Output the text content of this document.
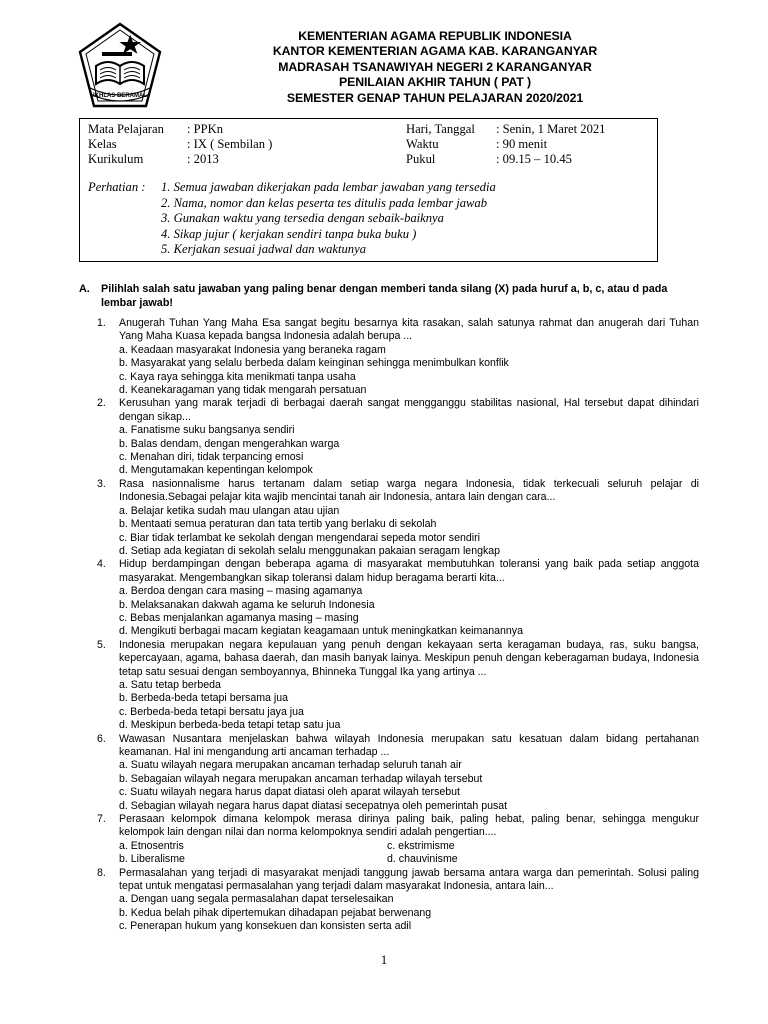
IKHLAS BERAMAL
KEMENTERIAN AGAMA REPUBLIK INDONESIA
KANTOR KEMENTERIAN AGAMA KAB. KARANGANYAR
MADRASAH TSANAWIYAH NEGERI 2 KARANGANYAR
PENILAIAN AKHIR TAHUN ( PAT )
SEMESTER GENAP TAHUN PELAJARAN 2020/2021
Mata Pelajaran : PPKn	Hari, Tanggal : Senin, 1 Maret 2021
Kelas	: IX ( Sembilan )	Waktu	: 90 menit
Kurikulum	: 2013	Pukul	: 09.15 – 10.45
Perhatian : 1. Semua jawaban dikerjakan pada lembar jawaban yang tersedia
2. Nama, nomor dan kelas peserta tes ditulis pada lembar jawab
3. Gunakan waktu yang tersedia dengan sebaik-baiknya
4. Sikap jujur ( kerjakan sendiri tanpa buka buku )
5. Kerjakan sesuai jadwal dan waktunya
A. Pilihlah salah satu jawaban yang paling benar dengan memberi tanda silang (X) pada huruf a, b, c, atau d pada lembar jawab!
1. Anugerah Tuhan Yang Maha Esa sangat begitu besarnya kita rasakan, salah satunya rahmat dan anugerah dari Tuhan Yang Maha Kuasa kepada bangsa Indonesia adalah berupa ...
a. Keadaan masyarakat Indonesia yang beraneka ragam
b. Masyarakat yang selalu berbeda dalam keinginan sehingga menimbulkan konflik
c. Kaya raya sehingga kita menikmati tanpa usaha
d. Keanekaragaman yang tidak mengarah persatuan
2. Kerusuhan yang marak terjadi di berbagai daerah sangat mengganggu stabilitas nasional, Hal tersebut dapat dihindari dengan sikap...
a. Fanatisme suku bangsanya sendiri
b. Balas dendam, dengan mengerahkan warga
c. Menahan diri, tidak terpancing emosi
d. Mengutamakan kepentingan kelompok
3. Rasa nasionnalisme harus tertanam dalam setiap warga negara Indonesia, tidak terkecuali seluruh pelajar di Indonesia.Sebagai pelajar kita wajib mencintai tanah air Indonesia, antara lain dengan cara...
a. Belajar ketika sudah mau ulangan atau ujian
b. Mentaati semua peraturan dan tata tertib yang berlaku di sekolah
c. Biar tidak terlambat ke sekolah dengan mengendarai sepeda motor sendiri
d. Setiap ada kegiatan di sekolah selalu menggunakan pakaian seragam lengkap
4. Hidup berdampingan dengan beberapa agama di masyarakat membutuhkan toleransi yang baik pada setiap anggota masyarakat. Mengembangkan sikap toleransi dalam hidup beragama berarti kita...
a. Berdoa dengan cara masing – masing agamanya
b. Melaksanakan dakwah agama ke seluruh Indonesia
c. Bebas menjalankan agamanya masing – masing
d. Mengikuti berbagai macam kegiatan keagamaan untuk meningkatkan keimanannya
5. Indonesia merupakan negara kepulauan yang penuh dengan kekayaan serta keragaman budaya, ras, suku bangsa, kepercayaan, agama, bahasa daerah, dan masih banyak lainya. Meskipun penuh dengan keberagaman budaya, Indonesia tetap satu sesuai dengan semboyannya, Bhinneka Tunggal Ika yang artinya ...
a. Satu tetap berbeda
b. Berbeda-beda tetapi bersama jua
c. Berbeda-beda tetapi bersatu jaya jua
d. Meskipun berbeda-beda tetapi tetap satu jua
6. Wawasan Nusantara menjelaskan bahwa wilayah Indonesia merupakan satu kesatuan dalam bidang pertahanan keamanan. Hal ini mengandung arti ancaman terhadap ...
a. Suatu wilayah negara merupakan ancaman terhadap seluruh tanah air
b. Sebagaian wilayah negara merupakan ancaman terhadap wilayah tersebut
c. Suatu wilayah negara harus dapat diatasi oleh aparat wilayah tersebut
d. Sebagian wilayah negara harus dapat diatasi secepatnya oleh pemerintah pusat
7. Perasaan kelompok dimana kelompok merasa dirinya paling baik, paling hebat, paling benar, sehingga mengukur kelompok lain dengan nilai dan norma kelompoknya sendiri adalah pengertian....
a. Etnosentris	c. ekstrimisme
b. Liberalisme	d. chauvinisme
8. Permasalahan yang terjadi di masyarakat menjadi tanggung jawab bersama antara warga dan pemerintah. Solusi paling tepat untuk mengatasi permasalahan yang terjadi dalam masyarakat Indonesia, antara lain...
a. Dengan uang segala permasalahan dapat terselesaikan
b. Kedua belah pihak dipertemukan dihadapan pejabat berwenang
c. Penerapan hukum yang konsekuen dan konsisten serta adil
1
